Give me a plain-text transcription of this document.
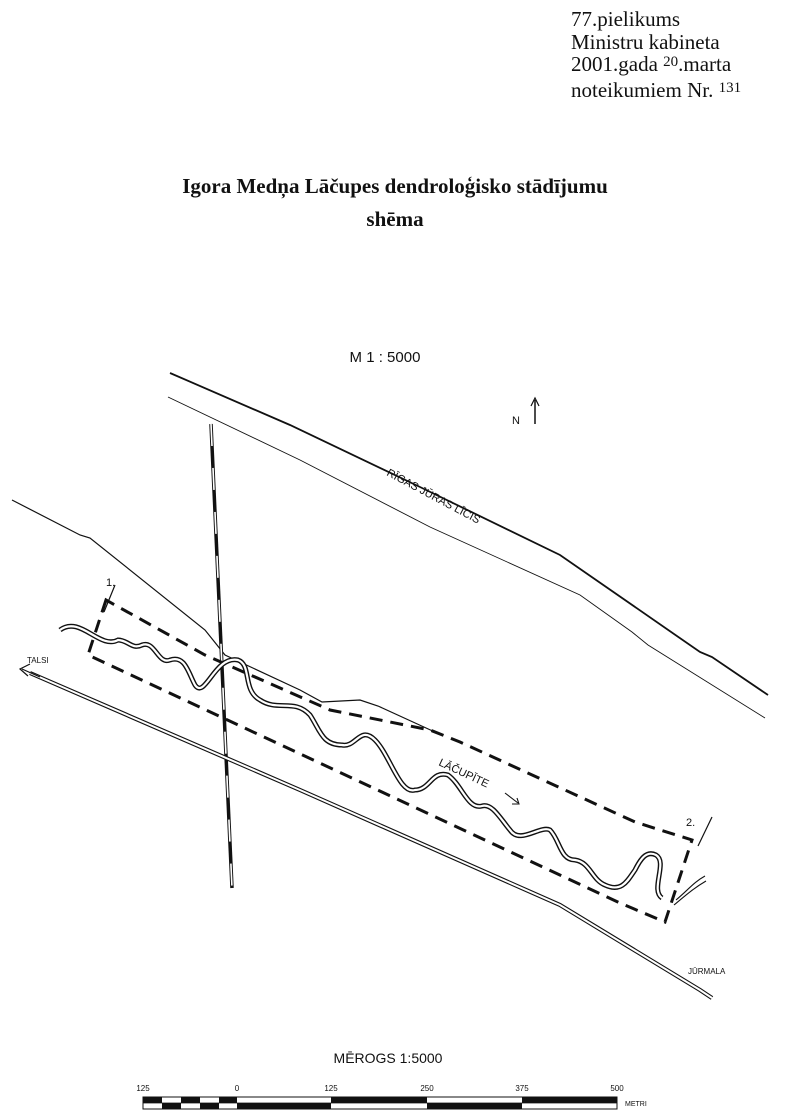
77.pielikums
Ministru kabineta
2001.gada $^{20}$.marta
noteikumiem Nr. $^{131}$
Igora Medņa Lāčupes dendroloģisko stādījumu
shēma
M 1 : 5000
N
RĪGAS JŪRAS LĪCIS
LĀČUPĪTE
1.
2.
TALSI
JŪRMALA
MĒROGS 1:5000
125	0	125	250	375	500
METRI
